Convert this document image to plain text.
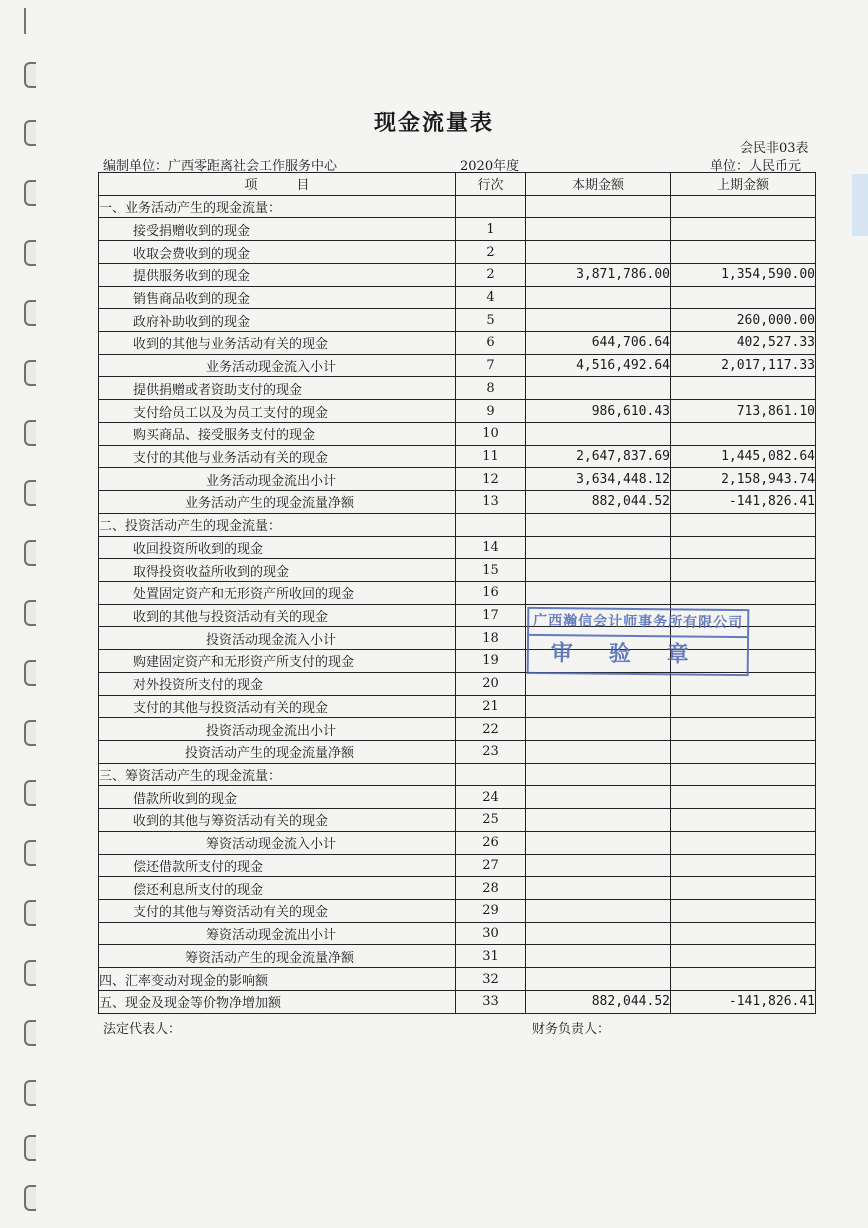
现金流量表
会民非03表
编制单位：广西零距离社会工作服务中心	2020年度	单位：人民币元
项　　　目	行次	本期金额	上期金额
一、业务活动产生的现金流量：			
接受捐赠收到的现金	1		
收取会费收到的现金	2		
提供服务收到的现金	2	3,871,786.00	1,354,590.00
销售商品收到的现金	4		
政府补助收到的现金	5		260,000.00
收到的其他与业务活动有关的现金	6	644,706.64	402,527.33
业务活动现金流入小计	7	4,516,492.64	2,017,117.33
提供捐赠或者资助支付的现金	8		
支付给员工以及为员工支付的现金	9	986,610.43	713,861.10
购买商品、接受服务支付的现金	10		
支付的其他与业务活动有关的现金	11	2,647,837.69	1,445,082.64
业务活动现金流出小计	12	3,634,448.12	2,158,943.74
业务活动产生的现金流量净额	13	882,044.52	-141,826.41
二、投资活动产生的现金流量：			
收回投资所收到的现金	14		
取得投资收益所收到的现金	15		
处置固定资产和无形资产所收回的现金	16		
收到的其他与投资活动有关的现金	17		
投资活动现金流入小计	18		
购建固定资产和无形资产所支付的现金	19		
对外投资所支付的现金	20		
支付的其他与投资活动有关的现金	21		
投资活动现金流出小计	22		
投资活动产生的现金流量净额	23		
三、筹资活动产生的现金流量：			
借款所收到的现金	24		
收到的其他与筹资活动有关的现金	25		
筹资活动现金流入小计	26		
偿还借款所支付的现金	27		
偿还利息所支付的现金	28		
支付的其他与筹资活动有关的现金	29		
筹资活动现金流出小计	30		
筹资活动产生的现金流量净额	31		
四、汇率变动对现金的影响额	32		
五、现金及现金等价物净增加额	33	882,044.52	-141,826.41
广西瀚信会计师事务所有限公司
审验章
法定代表人：	财务负责人：
